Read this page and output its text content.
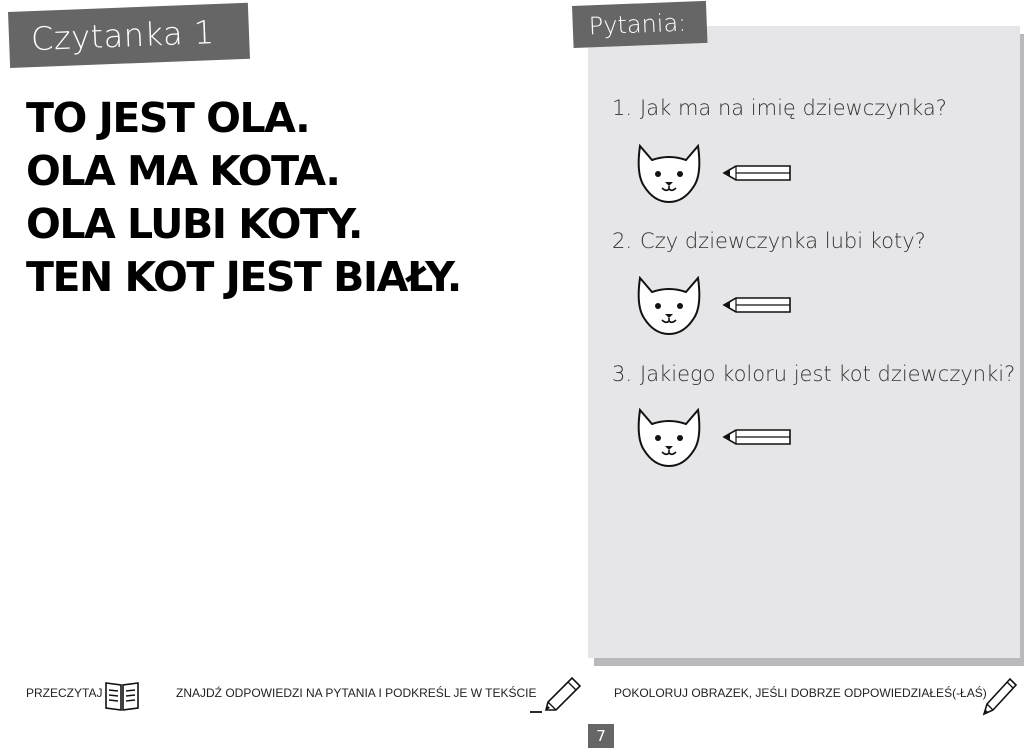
Czytanka 1
TO JEST OLA.
OLA MA KOTA.
OLA LUBI KOTY.
TEN KOT JEST BIAŁY.
Pytania:
1. Jak ma na imię dziewczynka?
2. Czy dziewczynka lubi koty?
3. Jakiego koloru jest kot dziewczynki?
PRZECZYTAJ	ZNAJDŹ ODPOWIEDZI NA PYTANIA I PODKREŚL JE W TEKŚCIE	POKOLORUJ OBRAZEK, JEŚLI DOBRZE ODPOWIEDZIAŁEŚ(-ŁAŚ)
7
